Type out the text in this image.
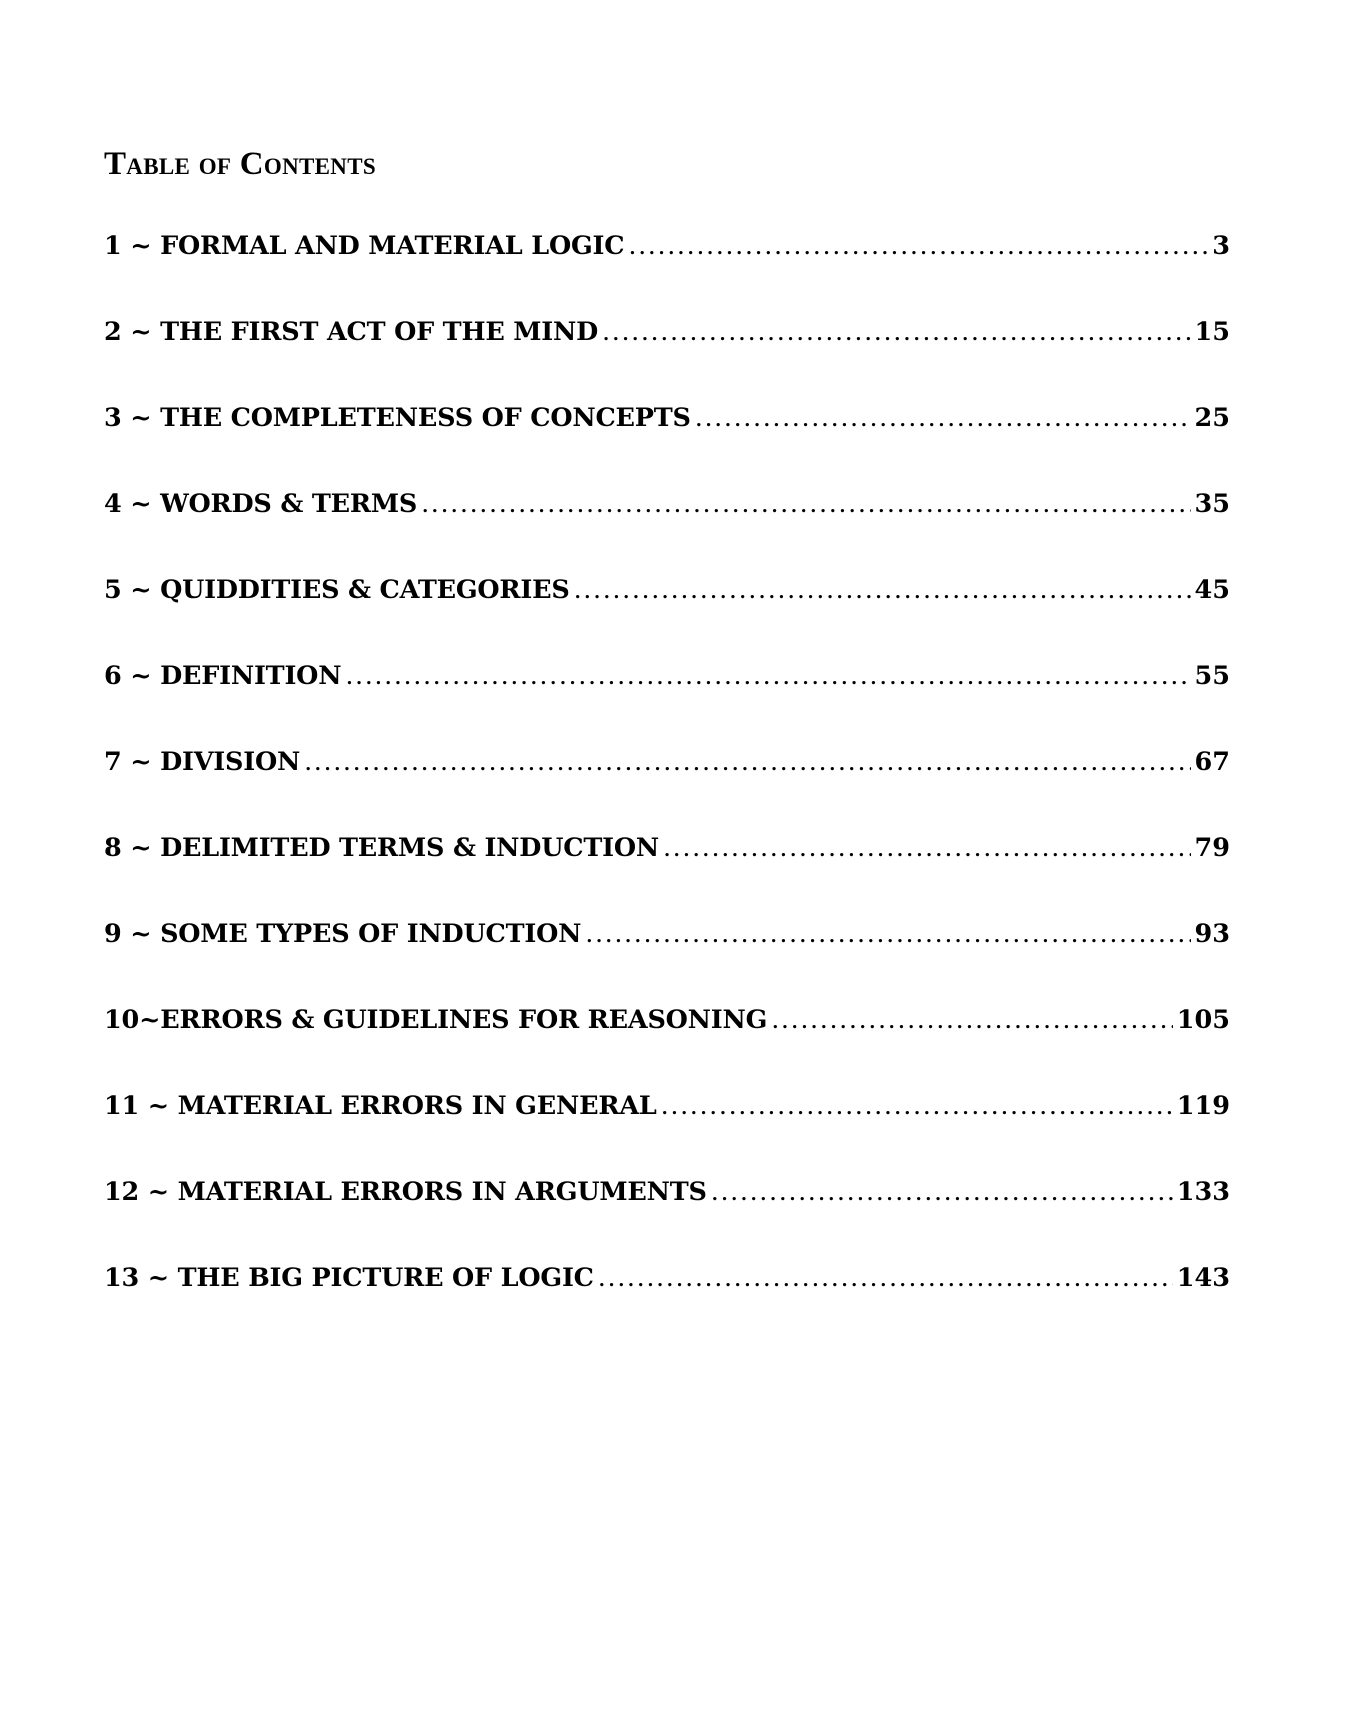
Table of Contents
1 ~ FORMAL AND MATERIAL LOGIC .....	3
2 ~ THE FIRST ACT OF THE MIND .....	15
3 ~ THE COMPLETENESS OF CONCEPTS .....	25
4 ~ WORDS & TERMS .....	35
5 ~ QUIDDITIES & CATEGORIES .....	45
6 ~ DEFINITION .....	55
7 ~ DIVISION .....	67
8 ~ DELIMITED TERMS & INDUCTION .....	79
9 ~ SOME TYPES OF INDUCTION .....	93
10~ERRORS & GUIDELINES FOR REASONING .....	105
11 ~ MATERIAL ERRORS IN GENERAL .....	119
12 ~ MATERIAL ERRORS IN ARGUMENTS .....	133
13 ~ THE BIG PICTURE OF LOGIC .....	143
